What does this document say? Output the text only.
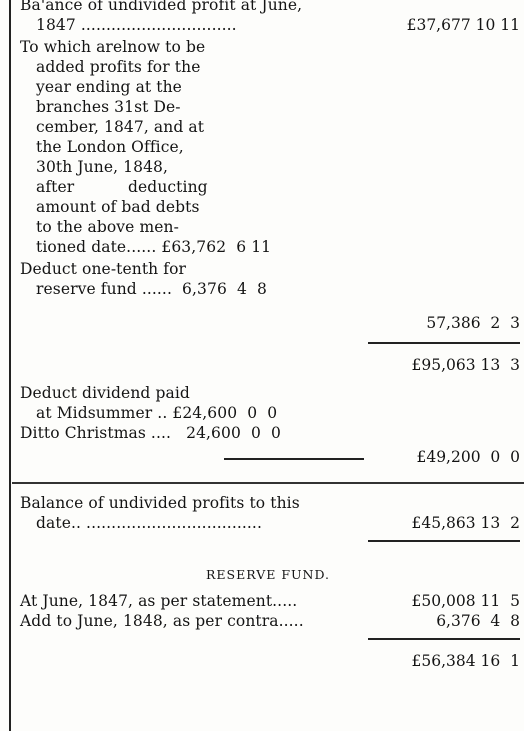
Ba'ance of undivided profit at June,
1847 ...............................	£37,677 10 11
To which arelnow to be
added profits for the
year ending at the
branches 31st De-
cember, 1847, and at
the London Office,
30th June, 1848,
after	deducting
amount of bad debts
to the above men-
tioned date...... £63,762  6 11
Deduct one-tenth for
reserve fund ......  6,376  4  8
57,386  2  3
£95,063 13  3
Deduct dividend paid
at Midsummer .. £24,600  0  0
Ditto Christmas ....   24,600  0  0
£49,200  0  0
Balance of undivided profits to this
date.. ...................................	£45,863 13  2
RESERVE FUND.
At June, 1847, as per statement.....	£50,008 11  5
Add to June, 1848, as per contra.....	6,376  4  8
£56,384 16  1
